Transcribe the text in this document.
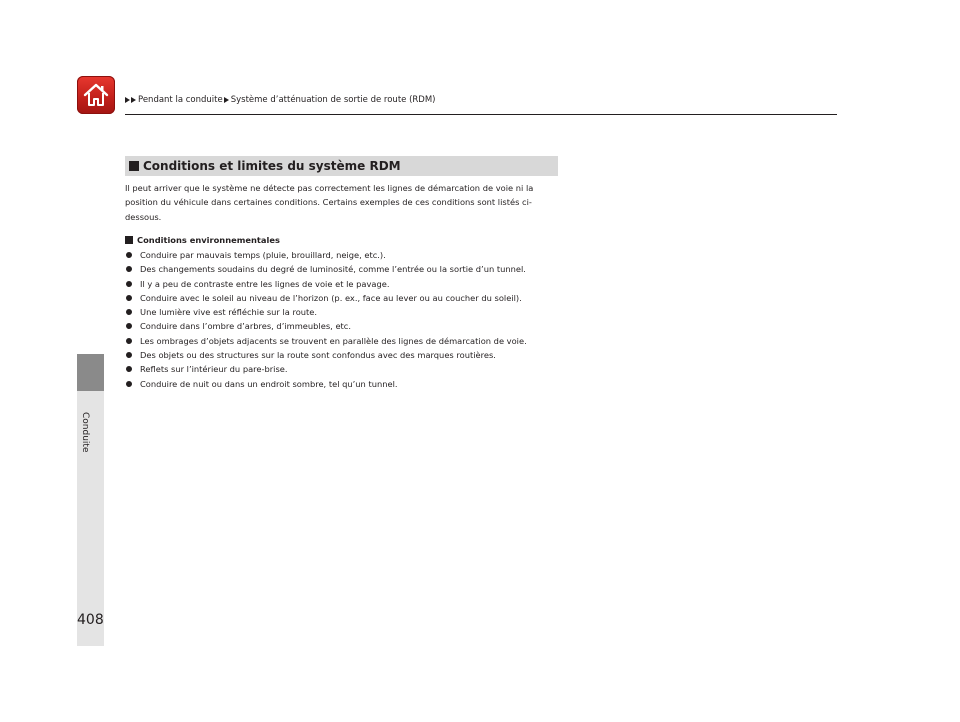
Pendant la conduite Système d’atténuation de sortie de route (RDM)
Conduite
408
Conditions et limites du système RDM

Il peut arriver que le système ne détecte pas correctement les lignes de démarcation de voie ni la position du véhicule dans certaines conditions. Certains exemples de ces conditions sont listés ci-dessous.

Conditions environnementales
Conduire par mauvais temps (pluie, brouillard, neige, etc.).
Des changements soudains du degré de luminosité, comme l’entrée ou la sortie d’un tunnel.
Il y a peu de contraste entre les lignes de voie et le pavage.
Conduire avec le soleil au niveau de l’horizon (p. ex., face au lever ou au coucher du soleil).
Une lumière vive est réfléchie sur la route.
Conduire dans l’ombre d’arbres, d’immeubles, etc.
Les ombrages d’objets adjacents se trouvent en parallèle des lignes de démarcation de voie.
Des objets ou des structures sur la route sont confondus avec des marques routières.
Reflets sur l’intérieur du pare-brise.
Conduire de nuit ou dans un endroit sombre, tel qu’un tunnel.
